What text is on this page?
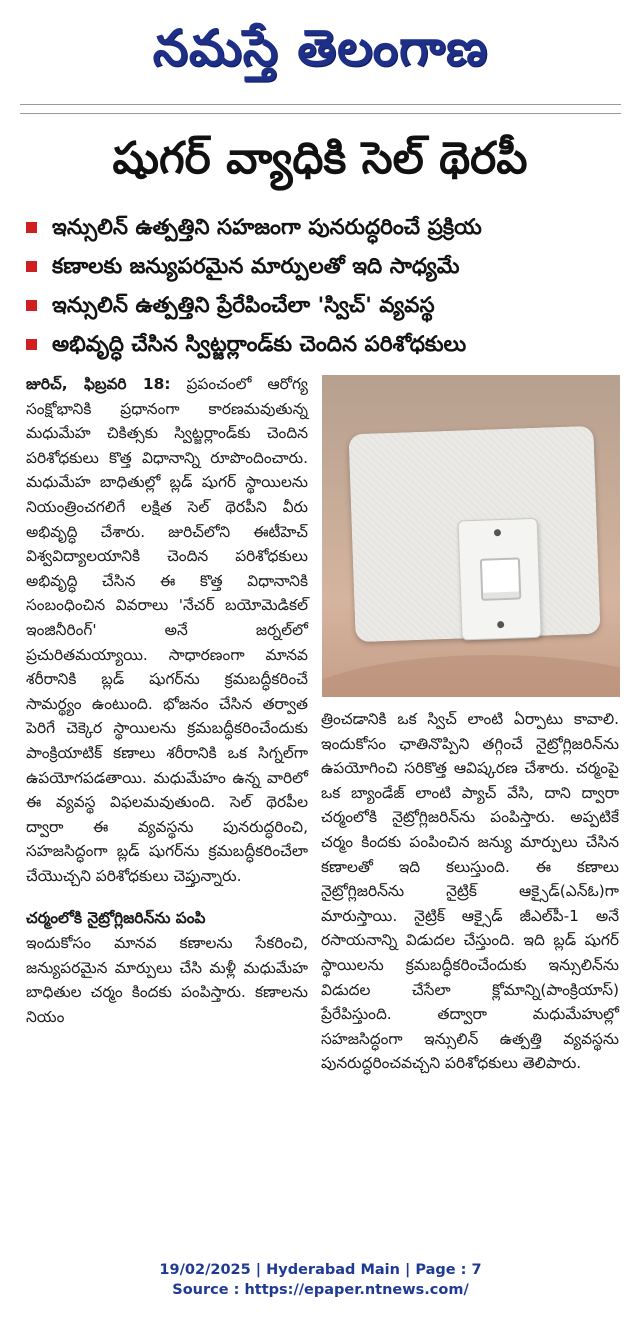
నమస్తే తెలంగాణ
షుగర్ వ్యాధికి సెల్ థెరపీ
ఇన్సులిన్ ఉత్పత్తిని సహజంగా పునరుద్ధరించే ప్రక్రియ
కణాలకు జన్యుపరమైన మార్పులతో ఇది సాధ్యమే
ఇన్సులిన్ ఉత్పత్తిని ప్రేరేపించేలా 'స్విచ్' వ్యవస్థ
అభివృద్ధి చేసిన స్విట్జర్లాండ్‌కు చెందిన పరిశోధకులు

జురిచ్, ఫిబ్రవరి 18: ప్రపంచంలో ఆరోగ్య సంక్షోభానికి ప్రధానంగా కారణమవుతున్న మధుమేహ చికిత్సకు స్విట్జర్లాండ్‌కు చెందిన పరిశోధకులు కొత్త విధానాన్ని రూపొందించారు. మధుమేహ బాధితుల్లో బ్లడ్ షుగర్ స్థాయిలను నియంత్రించగలిగే లక్షిత సెల్ థెరపీని వీరు అభివృద్ధి చేశారు. జురిచ్‌లోని ఈటీహెచ్ విశ్వవిద్యాలయానికి చెందిన పరిశోధకులు అభివృద్ధి చేసిన ఈ కొత్త విధానానికి సంబంధించిన వివరాలు 'నేచర్ బయోమెడికల్ ఇంజినీరింగ్' అనే జర్నల్‌లో ప్రచురితమయ్యాయి. సాధారణంగా మానవ శరీరానికి బ్లడ్ షుగర్‌ను క్రమబద్ధీకరించే సామర్థ్యం ఉంటుంది. భోజనం చేసిన తర్వాత పెరిగే చెక్కెర స్థాయిలను క్రమబద్ధీకరించేందుకు పాంక్రియాటిక్ కణాలు శరీరానికి ఒక సిగ్నల్‌గా ఉపయోగపడతాయి. మధుమేహం ఉన్న వారిలో ఈ వ్యవస్థ విఫలమవుతుంది. సెల్ థెరపీల ద్వారా ఈ వ్యవస్థను పునరుద్ధరించి, సహజసిద్ధంగా బ్లడ్ షుగర్‌ను క్రమబద్ధీకరించేలా చేయొచ్చని పరిశోధకులు చెప్తున్నారు.

చర్మంలోకి నైట్రోగ్లిజరిన్‌ను పంపి

ఇందుకోసం మానవ కణాలను సేకరించి, జన్యుపరమైన మార్పులు చేసి మళ్లీ మధుమేహ బాధితుల చర్మం కిందకు పంపిస్తారు. కణాలను నియం

త్రించడానికి ఒక స్విచ్ లాంటి ఏర్పాటు కావాలి. ఇందుకోసం ఛాతినొప్పిని తగ్గించే నైట్రోగ్లిజరిన్‌ను ఉపయోగించి సరికొత్త ఆవిష్కరణ చేశారు. చర్మంపై ఒక బ్యాండేజ్ లాంటి ప్యాచ్ వేసి, దాని ద్వారా చర్మంలోకి నైట్రోగ్లిజరిన్‌ను పంపిస్తారు. అప్పటికే చర్మం కిందకు పంపించిన జన్యు మార్పులు చేసిన కణాలతో ఇది కలుస్తుంది. ఈ కణాలు నైట్రోగ్లిజరిన్‌ను నైట్రిక్ ఆక్సైడ్(ఎన్ఓ)గా మారుస్తాయి. నైట్రిక్ ఆక్సైడ్ జీఎల్‌పీ-1 అనే రసాయనాన్ని విడుదల చేస్తుంది. ఇది బ్లడ్ షుగర్ స్థాయిలను క్రమబద్ధీకరించేందుకు ఇన్సులిన్‌ను విడుదల చేసేలా క్లోమాన్ని(పాంక్రియాస్) ప్రేరేపిస్తుంది. తద్వారా మధుమేహుల్లో సహజసిద్ధంగా ఇన్సులిన్ ఉత్పత్తి వ్యవస్థను పునరుద్ధరించవచ్చని పరిశోధకులు తెలిపారు.

19/02/2025 | Hyderabad Main | Page : 7
Source : https://epaper.ntnews.com/
